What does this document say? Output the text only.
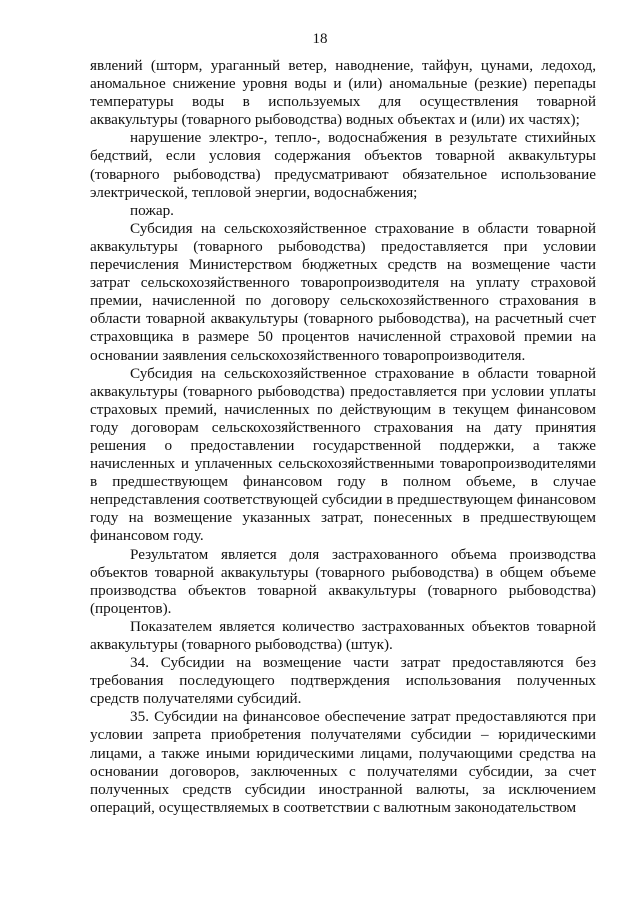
18

явлений (шторм, ураганный ветер, наводнение, тайфун, цунами, ледоход, аномальное снижение уровня воды и (или) аномальные (резкие) перепады температуры воды в используемых для осуществления товарной аквакультуры (товарного рыбоводства) водных объектах и (или) их частях);

нарушение электро-, тепло-, водоснабжения в результате стихийных бедствий, если условия содержания объектов товарной аквакультуры (товарного рыбоводства) предусматривают обязательное использование электрической, тепловой энергии, водоснабжения;

пожар.

Субсидия на сельскохозяйственное страхование в области товарной аквакультуры (товарного рыбоводства) предоставляется при условии перечисления Министерством бюджетных средств на возмещение части затрат сельскохозяйственного товаропроизводителя на уплату страховой премии, начисленной по договору сельскохозяйственного страхования в области товарной аквакультуры (товарного рыбоводства), на расчетный счет страховщика в размере 50 процентов начисленной страховой премии на основании заявления сельскохозяйственного товаропроизводителя.

Субсидия на сельскохозяйственное страхование в области товарной аквакультуры (товарного рыбоводства) предоставляется при условии уплаты страховых премий, начисленных по действующим в текущем финансовом году договорам сельскохозяйственного страхования на дату принятия решения о предоставлении государственной поддержки, а также начисленных и уплаченных сельскохозяйственными товаропроизводителями в предшествующем финансовом году в полном объеме, в случае непредставления соответствующей субсидии в предшествующем финансовом году на возмещение указанных затрат, понесенных в предшествующем финансовом году.

Результатом является доля застрахованного объема производства объектов товарной аквакультуры (товарного рыбоводства) в общем объеме производства объектов товарной аквакультуры (товарного рыбоводства) (процентов).

Показателем является количество застрахованных объектов товарной аквакультуры (товарного рыбоводства) (штук).

34. Субсидии на возмещение части затрат предоставляются без требования последующего подтверждения использования полученных средств получателями субсидий.

35. Субсидии на финансовое обеспечение затрат предоставляются при условии запрета приобретения получателями субсидии – юридическими лицами, а также иными юридическими лицами, получающими средства на основании договоров, заключенных с получателями субсидии, за счет полученных средств субсидии иностранной валюты, за исключением операций, осуществляемых в соответствии с валютным законодательством
